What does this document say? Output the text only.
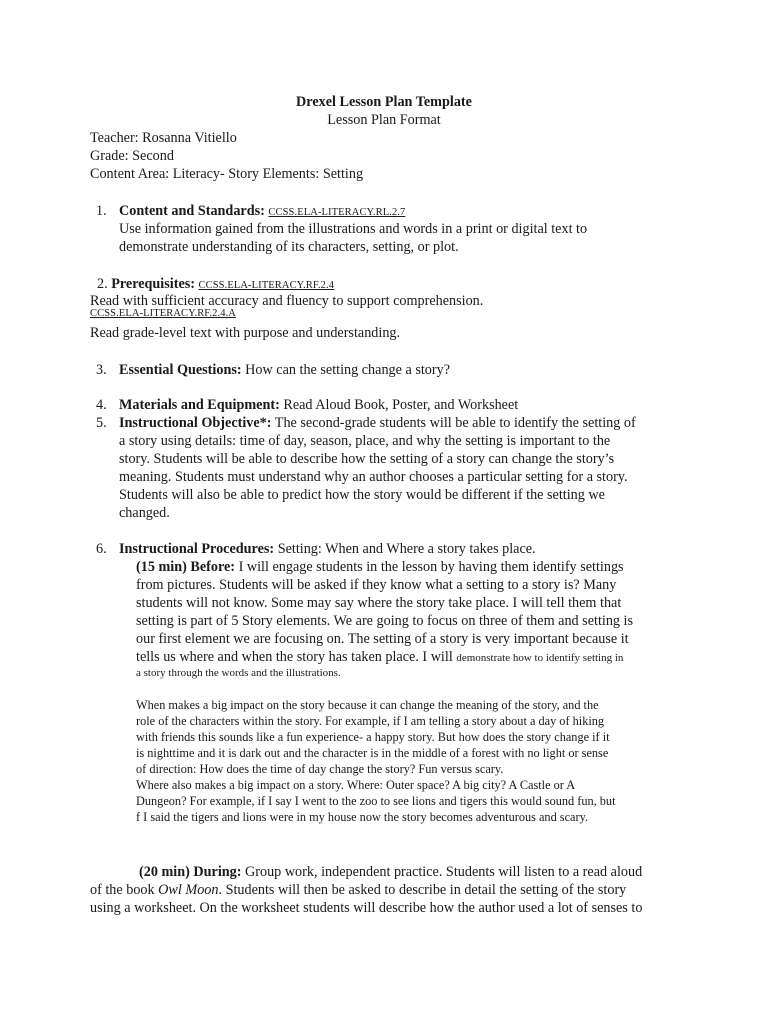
Drexel Lesson Plan Template
Lesson Plan Format
Teacher: Rosanna Vitiello
Grade: Second
Content Area: Literacy- Story Elements: Setting
1. Content and Standards: CCSS.ELA-LITERACY.RL.2.7
Use information gained from the illustrations and words in a print or digital text to
demonstrate understanding of its characters, setting, or plot.
2. Prerequisites: CCSS.ELA-LITERACY.RF.2.4
Read with sufficient accuracy and fluency to support comprehension.
CCSS.ELA-LITERACY.RF.2.4.A
Read grade-level text with purpose and understanding.
3. Essential Questions: How can the setting change a story?
4. Materials and Equipment: Read Aloud Book, Poster, and Worksheet
5. Instructional Objective*: The second-grade students will be able to identify the setting of
a story using details: time of day, season, place, and why the setting is important to the
story. Students will be able to describe how the setting of a story can change the story’s
meaning. Students must understand why an author chooses a particular setting for a story.
Students will also be able to predict how the story would be different if the setting we
changed.
6. Instructional Procedures: Setting: When and Where a story takes place.
(15 min) Before: I will engage students in the lesson by having them identify settings
from pictures. Students will be asked if they know what a setting to a story is? Many
students will not know. Some may say where the story take place. I will tell them that
setting is part of 5 Story elements. We are going to focus on three of them and setting is
our first element we are focusing on. The setting of a story is very important because it
tells us where and when the story has taken place. I will demonstrate how to identify setting in
a story through the words and the illustrations.
When makes a big impact on the story because it can change the meaning of the story, and the
role of the characters within the story. For example, if I am telling a story about a day of hiking
with friends this sounds like a fun experience- a happy story. But how does the story change if it
is nighttime and it is dark out and the character is in the middle of a forest with no light or sense
of direction: How does the time of day change the story? Fun versus scary.
Where also makes a big impact on a story. Where: Outer space? A big city? A Castle or A
Dungeon? For example, if I say I went to the zoo to see lions and tigers this would sound fun, but
f I said the tigers and lions were in my house now the story becomes adventurous and scary.
(20 min) During: Group work, independent practice. Students will listen to a read aloud
of the book Owl Moon. Students will then be asked to describe in detail the setting of the story
using a worksheet. On the worksheet students will describe how the author used a lot of senses to
